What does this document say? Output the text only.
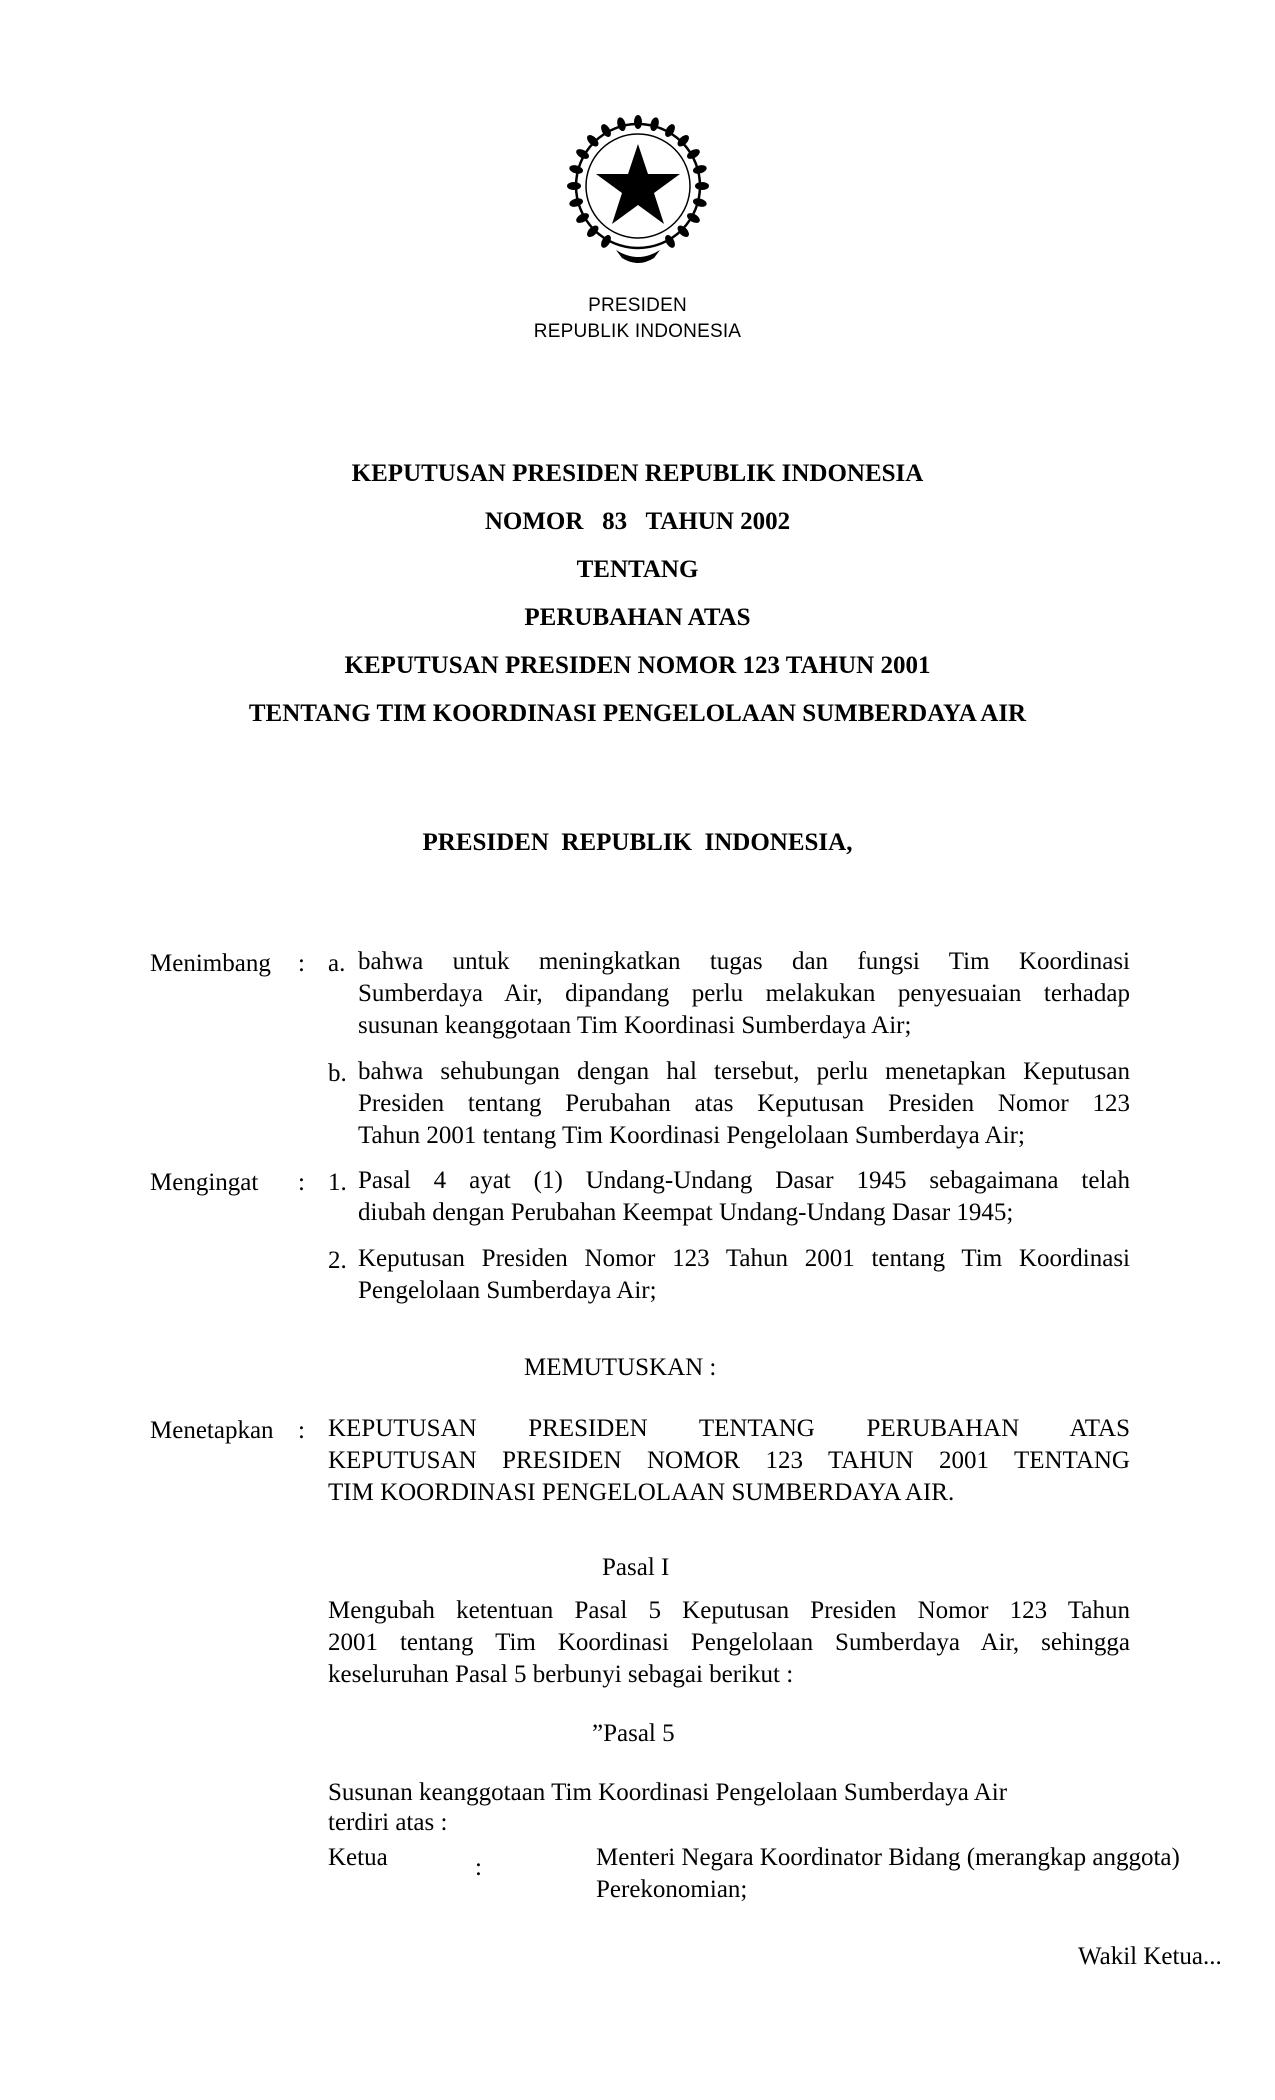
PRESIDEN
REPUBLIK INDONESIA
KEPUTUSAN PRESIDEN REPUBLIK INDONESIA
NOMOR   83   TAHUN 2002
TENTANG
PERUBAHAN ATAS
KEPUTUSAN PRESIDEN NOMOR 123 TAHUN 2001
TENTANG TIM KOORDINASI PENGELOLAAN SUMBERDAYA AIR
PRESIDEN  REPUBLIK  INDONESIA,
Menimbang : a. bahwa untuk meningkatkan tugas dan fungsi Tim Koordinasi
Sumberdaya Air, dipandang perlu melakukan penyesuaian terhadap
susunan keanggotaan Tim Koordinasi Sumberdaya Air;
b. bahwa sehubungan dengan hal tersebut, perlu menetapkan Keputusan
Presiden tentang Perubahan atas Keputusan Presiden Nomor 123
Tahun 2001 tentang Tim Koordinasi Pengelolaan Sumberdaya Air;
Mengingat : 1. Pasal 4 ayat (1) Undang-Undang Dasar 1945 sebagaimana telah
diubah dengan Perubahan Keempat Undang-Undang Dasar 1945;
2. Keputusan Presiden Nomor 123 Tahun 2001 tentang Tim Koordinasi
Pengelolaan Sumberdaya Air;
MEMUTUSKAN :
Menetapkan : KEPUTUSAN PRESIDEN TENTANG PERUBAHAN ATAS
KEPUTUSAN PRESIDEN NOMOR 123 TAHUN 2001 TENTANG
TIM KOORDINASI PENGELOLAAN SUMBERDAYA AIR.
Pasal I
Mengubah ketentuan Pasal 5 Keputusan Presiden Nomor 123 Tahun
2001 tentang Tim Koordinasi Pengelolaan Sumberdaya Air, sehingga
keseluruhan Pasal 5 berbunyi sebagai berikut :
”Pasal 5
Susunan keanggotaan Tim Koordinasi Pengelolaan Sumberdaya Air
terdiri atas :
Ketua	:	Menteri Negara Koordinator Bidang (merangkap anggota)
Perekonomian;
Wakil Ketua...
